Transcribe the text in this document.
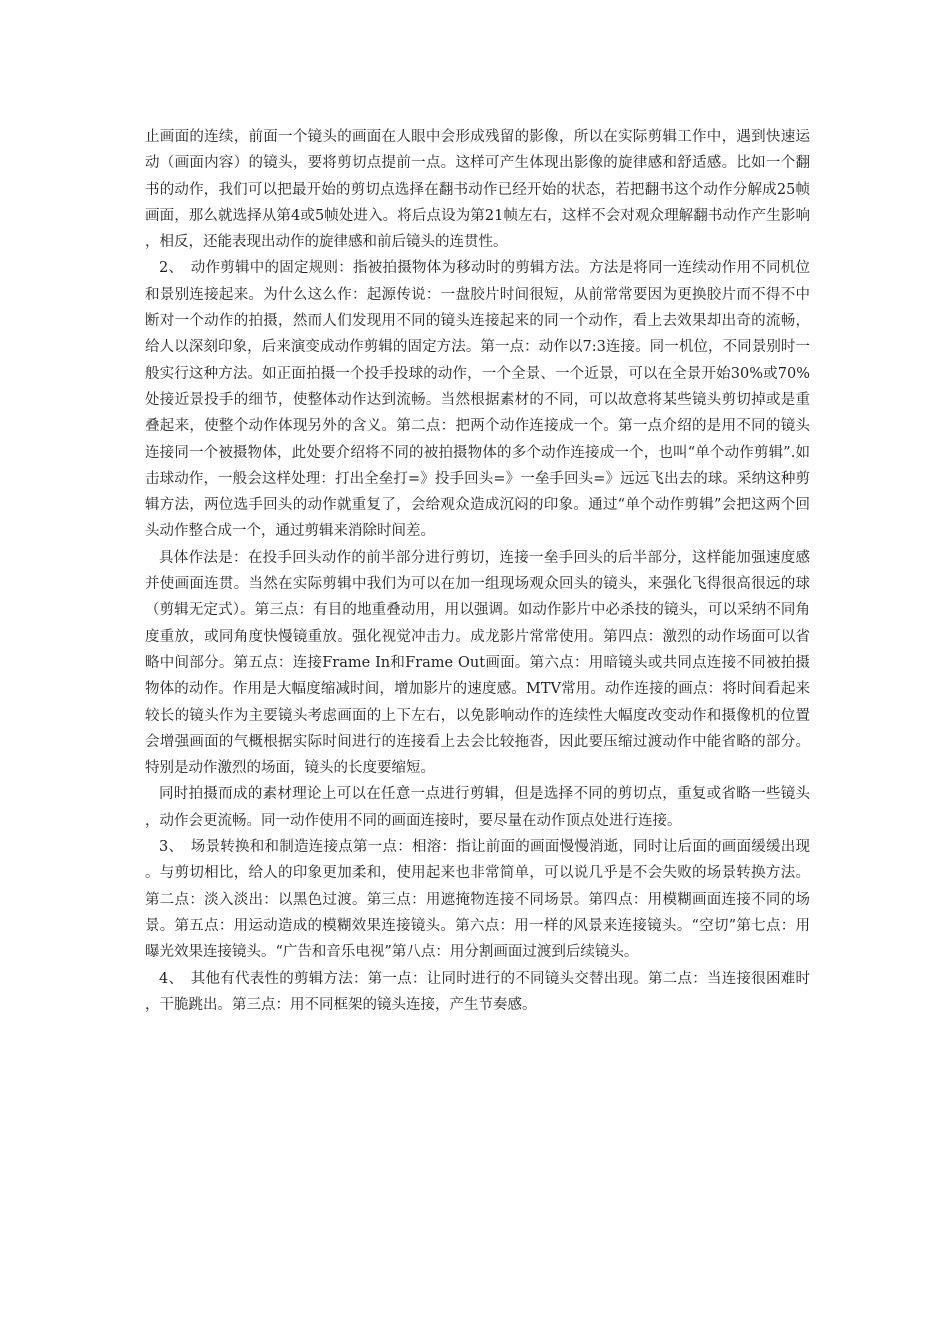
止画面的连续，前面一个镜头的画面在人眼中会形成残留的影像，所以在实际剪辑工作中，遇到快速运动（画面内容）的镜头，要将剪切点提前一点。这样可产生体现出影像的旋律感和舒适感。比如一个翻书的动作，我们可以把最开始的剪切点选择在翻书动作已经开始的状态，若把翻书这个动作分解成25帧画面，那么就选择从第4或5帧处进入。将后点设为第21帧左右，这样不会对观众理解翻书动作产生影响，相反，还能表现出动作的旋律感和前后镜头的连贯性。

2、　动作剪辑中的固定规则：指被拍摄物体为移动时的剪辑方法。方法是将同一连续动作用不同机位和景别连接起来。为什么这么作：起源传说：一盘胶片时间很短，从前常常要因为更换胶片而不得不中断对一个动作的拍摄，然而人们发现用不同的镜头连接起来的同一个动作，看上去效果却出奇的流畅，给人以深刻印象，后来演变成动作剪辑的固定方法。第一点：动作以7:3连接。同一机位，不同景别时一般实行这种方法。如正面拍摄一个投手投球的动作，一个全景、一个近景，可以在全景开始30%或70%处接近景投手的细节，使整体动作达到流畅。当然根据素材的不同，可以故意将某些镜头剪切掉或是重叠起来，使整个动作体现另外的含义。第二点：把两个动作连接成一个。第一点介绍的是用不同的镜头连接同一个被摄物体，此处要介绍将不同的被拍摄物体的多个动作连接成一个，也叫“单个动作剪辑”.如击球动作，一般会这样处理：打出全垒打=》投手回头=》一垒手回头=》远远飞出去的球。采纳这种剪辑方法，两位选手回头的动作就重复了，会给观众造成沉闷的印象。通过“单个动作剪辑”会把这两个回头动作整合成一个，通过剪辑来消除时间差。

具体作法是：在投手回头动作的前半部分进行剪切，连接一垒手回头的后半部分，这样能加强速度感并使画面连贯。当然在实际剪辑中我们为可以在加一组现场观众回头的镜头，来强化飞得很高很远的球（剪辑无定式）。第三点：有目的地重叠动用，用以强调。如动作影片中必杀技的镜头，可以采纳不同角度重放，或同角度快慢镜重放。强化视觉冲击力。成龙影片常常使用。第四点：激烈的动作场面可以省略中间部分。第五点：连接Frame In和Frame Out画面。第六点：用暗镜头或共同点连接不同被拍摄物体的动作。作用是大幅度缩减时间，增加影片的速度感。MTV常用。动作连接的画点：将时间看起来较长的镜头作为主要镜头考虑画面的上下左右，以免影响动作的连续性大幅度改变动作和摄像机的位置会增强画面的气概根据实际时间进行的连接看上去会比较拖沓，因此要压缩过渡动作中能省略的部分。特别是动作激烈的场面，镜头的长度要缩短。

同时拍摄而成的素材理论上可以在任意一点进行剪辑，但是选择不同的剪切点，重复或省略一些镜头，动作会更流畅。同一动作使用不同的画面连接时，要尽量在动作顶点处进行连接。

3、　场景转换和和制造连接点第一点：相溶：指让前面的画面慢慢消逝，同时让后面的画面缓缓出现。与剪切相比，给人的印象更加柔和，使用起来也非常简单，可以说几乎是不会失败的场景转换方法。第二点：淡入淡出：以黑色过渡。第三点：用遮掩物连接不同场景。第四点：用模糊画面连接不同的场景。第五点：用运动造成的模糊效果连接镜头。第六点：用一样的风景来连接镜头。“空切”第七点：用曝光效果连接镜头。“广告和音乐电视”第八点：用分割画面过渡到后续镜头。

4、　其他有代表性的剪辑方法：第一点：让同时进行的不同镜头交替出现。第二点：当连接很困难时，干脆跳出。第三点：用不同框架的镜头连接，产生节奏感。
